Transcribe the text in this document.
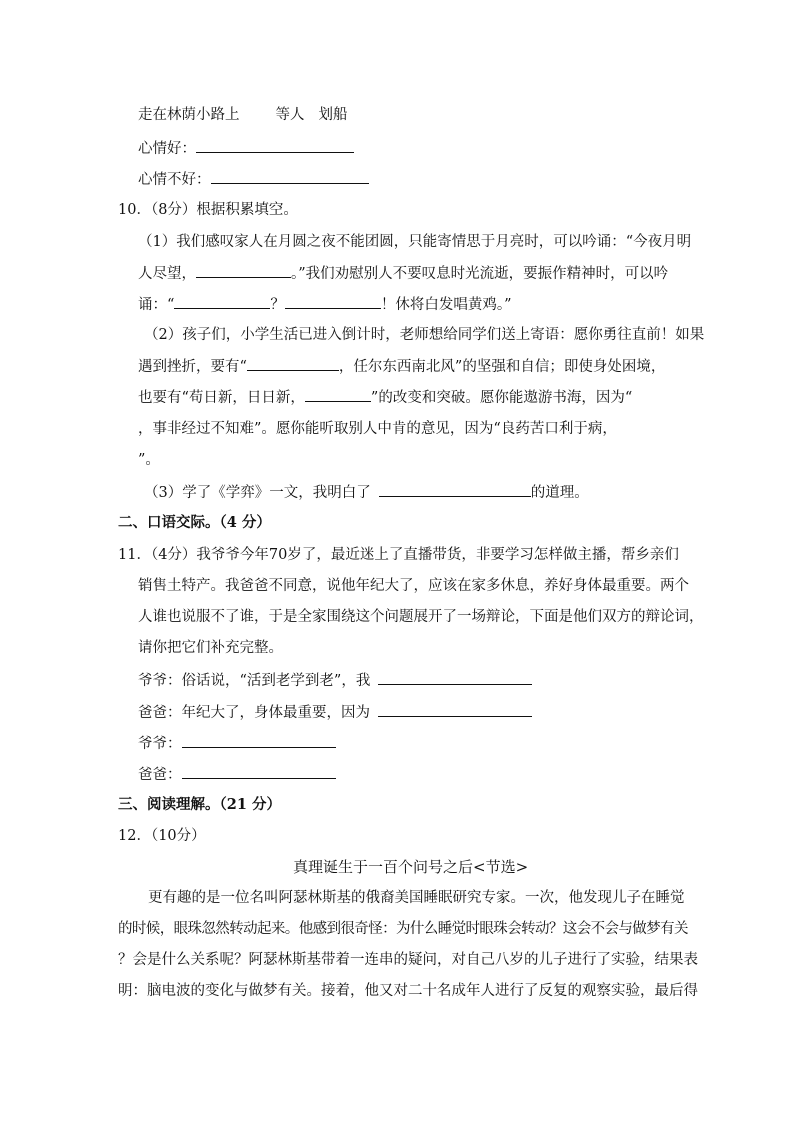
走在林荫小路上 等人 划船
心情好：
心情不好：
10．（8分）根据积累填空。
（1）我们感叹家人在月圆之夜不能团圆，只能寄情思于月亮时，可以吟诵：“今夜月明
人尽望，	。”我们劝慰别人不要叹息时光流逝，要振作精神时，可以吟
诵：“	？	！休将白发唱黄鸡。”
（2）孩子们，小学生活已进入倒计时，老师想给同学们送上寄语：愿你勇往直前！如果
遇到挫折，要有“	，任尔东西南北风”的坚强和自信；即使身处困境，
也要有“苟日新，日日新，	”的改变和突破。愿你能遨游书海，因为“
，事非经过不知难”。愿你能听取别人中肯的意见，因为“良药苦口利于病，
”。
（3）学了《学弈》一文，我明白了	的道理。
二、口语交际。（4 分）
11．（4分）我爷爷今年70岁了，最近迷上了直播带货，非要学习怎样做主播，帮乡亲们
销售土特产。我爸爸不同意，说他年纪大了，应该在家多休息，养好身体最重要。两个
人谁也说服不了谁，于是全家围绕这个问题展开了一场辩论，下面是他们双方的辩论词，
请你把它们补充完整。
爷爷：俗话说，“活到老学到老”，我
爸爸：年纪大了，身体最重要，因为
爷爷：
爸爸：
三、阅读理解。（21 分）
12．（10分）
真理诞生于一百个问号之后<节选>
更有趣的是一位名叫阿瑟林斯基的俄裔美国睡眠研究专家。一次，他发现儿子在睡觉
的时候，眼珠忽然转动起来。他感到很奇怪：为什么睡觉时眼珠会转动？这会不会与做梦有关
？会是什么关系呢？阿瑟林斯基带着一连串的疑问，对自己八岁的儿子进行了实验，结果表
明：脑电波的变化与做梦有关。接着，他又对二十名成年人进行了反复的观察实验，最后得
